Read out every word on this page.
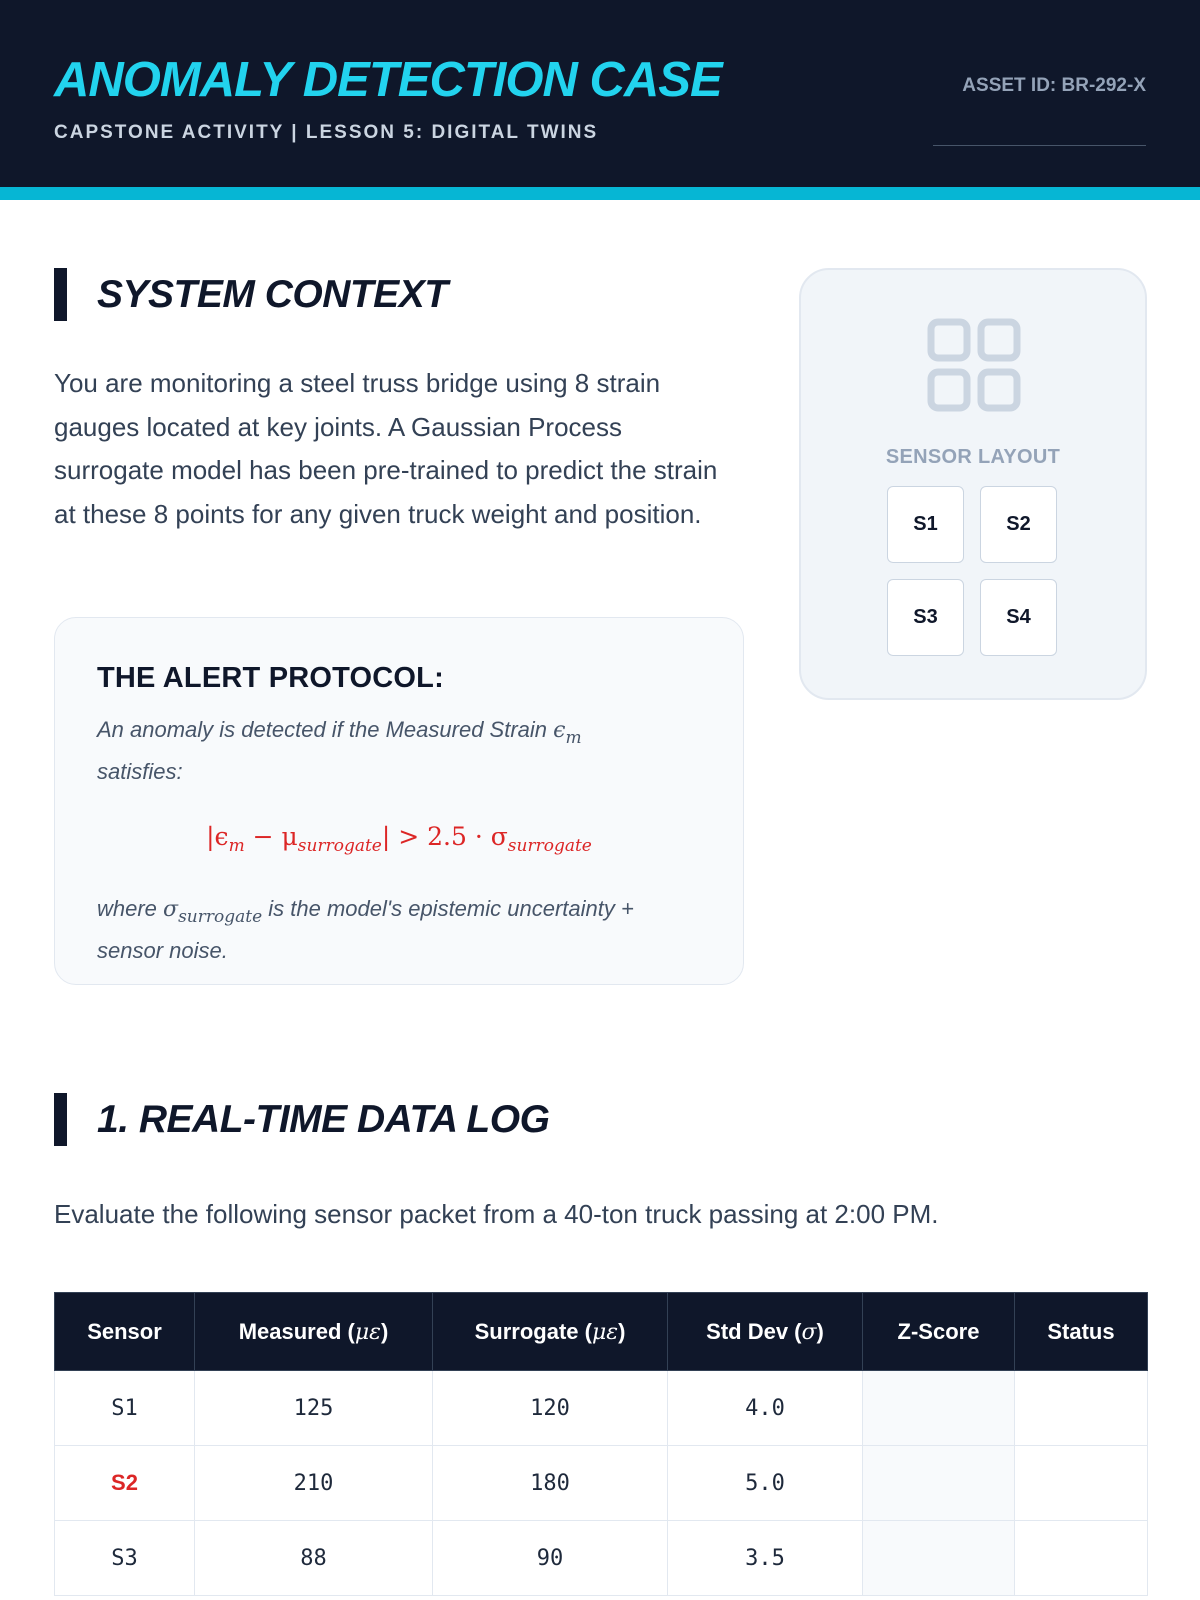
ANOMALY DETECTION CASE
CAPSTONE ACTIVITY | LESSON 5: DIGITAL TWINS
ASSET ID: BR-292-X
SYSTEM CONTEXT

You are monitoring a steel truss bridge using 8 strain gauges located at key joints. A Gaussian Process surrogate model has been pre-trained to predict the strain at these 8 points for any given truck weight and position.

THE ALERT PROTOCOL:

An anomaly is detected if the Measured Strain $\epsilon_m$ satisfies:

$|\epsilon_m - \mu_{surrogate}| > 2.5 \cdot \sigma_{surrogate}$

where $\sigma_{surrogate}$ is the model's epistemic uncertainty + sensor noise.

SENSOR LAYOUT
S1	S2
S3	S4
1. REAL-TIME DATA LOG

Evaluate the following sensor packet from a 40-ton truck passing at 2:00 PM.

Sensor	Measured (με)	Surrogate (με)	Std Dev (σ)	Z-Score	Status
S1	125	120	4.0		
S2	210	180	5.0		
S3	88	90	3.5		
